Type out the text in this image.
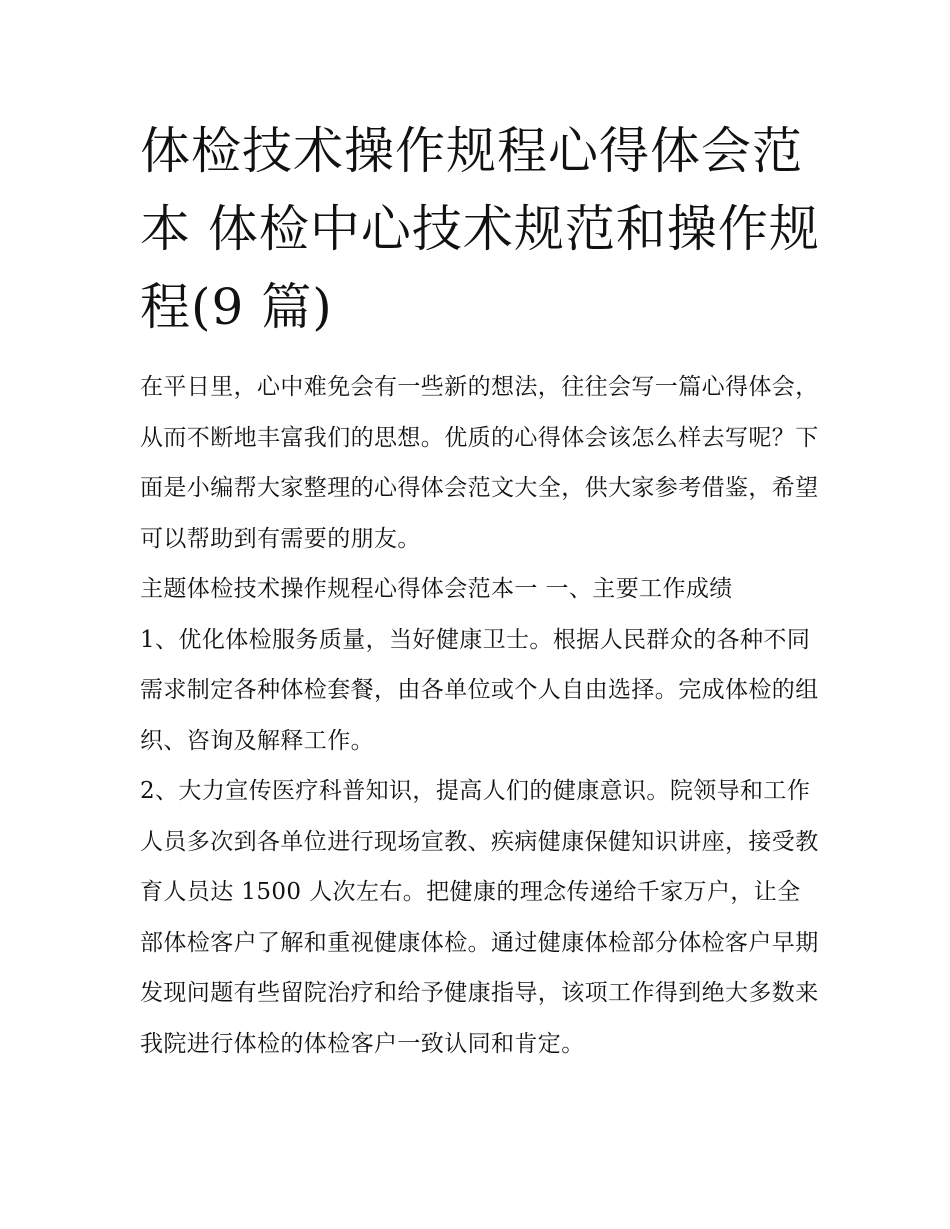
体检技术操作规程心得体会范本 体检中心技术规范和操作规程(9 篇)

在平日里，心中难免会有一些新的想法，往往会写一篇心得体会，从而不断地丰富我们的思想。优质的心得体会该怎么样去写呢？下面是小编帮大家整理的心得体会范文大全，供大家参考借鉴，希望可以帮助到有需要的朋友。

主题体检技术操作规程心得体会范本一 一、主要工作成绩

1、优化体检服务质量，当好健康卫士。根据人民群众的各种不同需求制定各种体检套餐，由各单位或个人自由选择。完成体检的组织、咨询及解释工作。

2、大力宣传医疗科普知识，提高人们的健康意识。院领导和工作人员多次到各单位进行现场宣教、疾病健康保健知识讲座，接受教育人员达 1500 人次左右。把健康的理念传递给千家万户，让全部体检客户了解和重视健康体检。通过健康体检部分体检客户早期发现问题有些留院治疗和给予健康指导，该项工作得到绝大多数来我院进行体检的体检客户一致认同和肯定。
